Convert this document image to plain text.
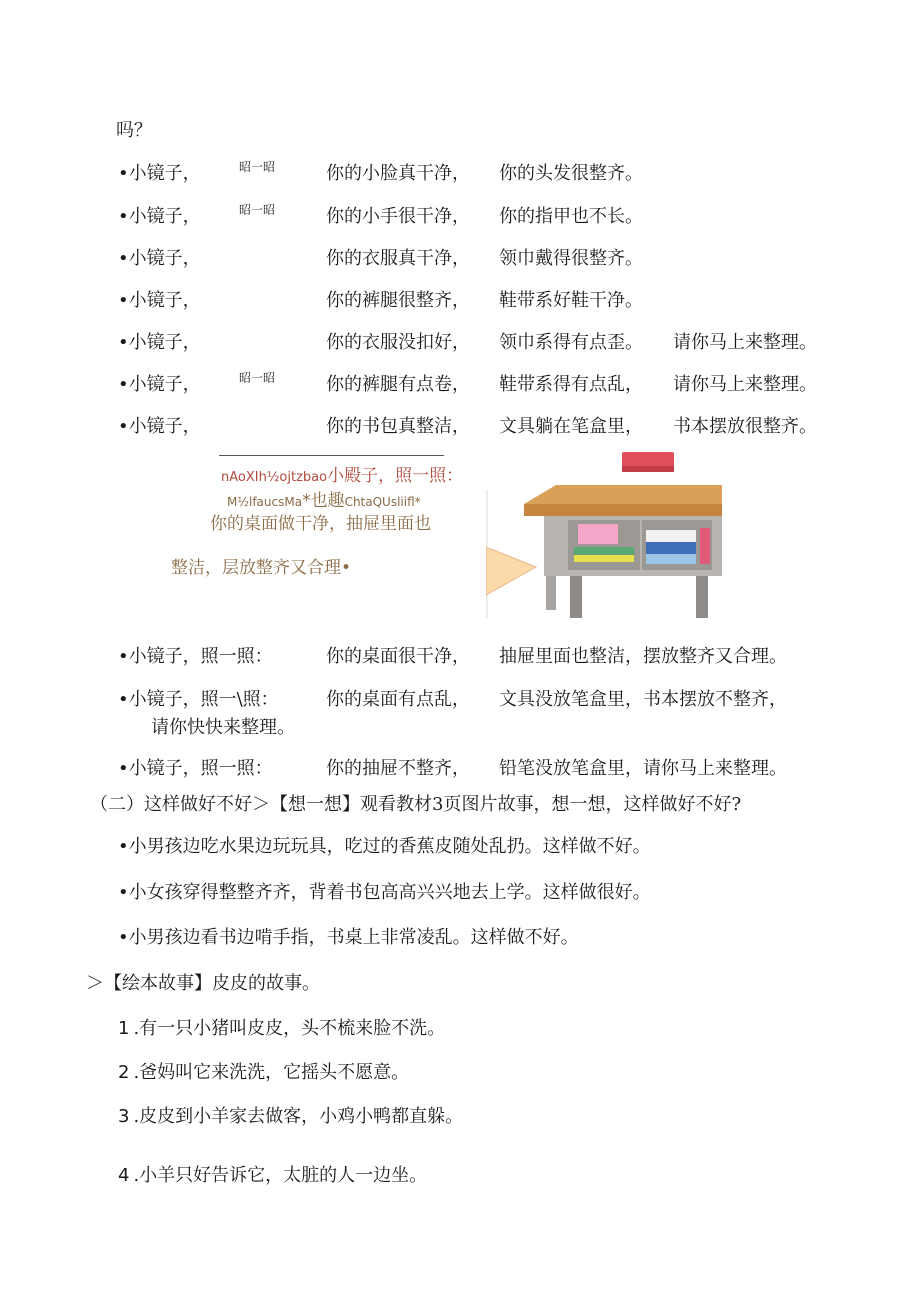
吗？
•小镜子，	昭一昭	你的小脸真干净， 你的头发很整齐。
•小镜子，	昭一昭	你的小手很干净， 你的指甲也不长。
•小镜子，	你的衣服真干净， 领巾戴得很整齐。
•小镜子，	你的裤腿很整齐， 鞋带系好鞋干净。
•小镜子，	你的衣服没扣好， 领巾系得有点歪。 请你马上来整理。
•小镜子，	昭一昭	你的裤腿有点卷， 鞋带系得有点乱， 请你马上来整理。
•小镜子，	你的书包真整洁， 文具躺在笔盒里， 书本摆放很整齐。
nAoXIh½ojtzbao小殿子，照一照：
M½lfaucsMa*也趣ChtaQUsliifl*
你的桌面做干净，抽屉里面也
整洁，层放整齐又合理•
•小镜子，照一照：	你的桌面很干净， 抽屉里面也整洁，摆放整齐又合理。
•小镜子，照一\照：	你的桌面有点乱， 文具没放笔盒里，书本摆放不整齐，
请你快快来整理。
•小镜子，照一照：	你的抽屉不整齐， 铅笔没放笔盒里，请你马上来整理。
（二）这样做好不好＞【想一想】观看教材3页图片故事，想一想，这样做好不好?
•小男孩边吃水果边玩玩具，吃过的香蕉皮随处乱扔。这样做不好。
•小女孩穿得整整齐齐，背着书包高高兴兴地去上学。这样做很好。
•小男孩边看书边啃手指，书桌上非常凌乱。这样做不好。
＞【绘本故事】皮皮的故事。
1 .有一只小猪叫皮皮，头不梳来脸不洗。
2 .爸妈叫它来洗洗，它摇头不愿意。
3 .皮皮到小羊家去做客，小鸡小鸭都直躲。
4 .小羊只好告诉它，太脏的人一边坐。
